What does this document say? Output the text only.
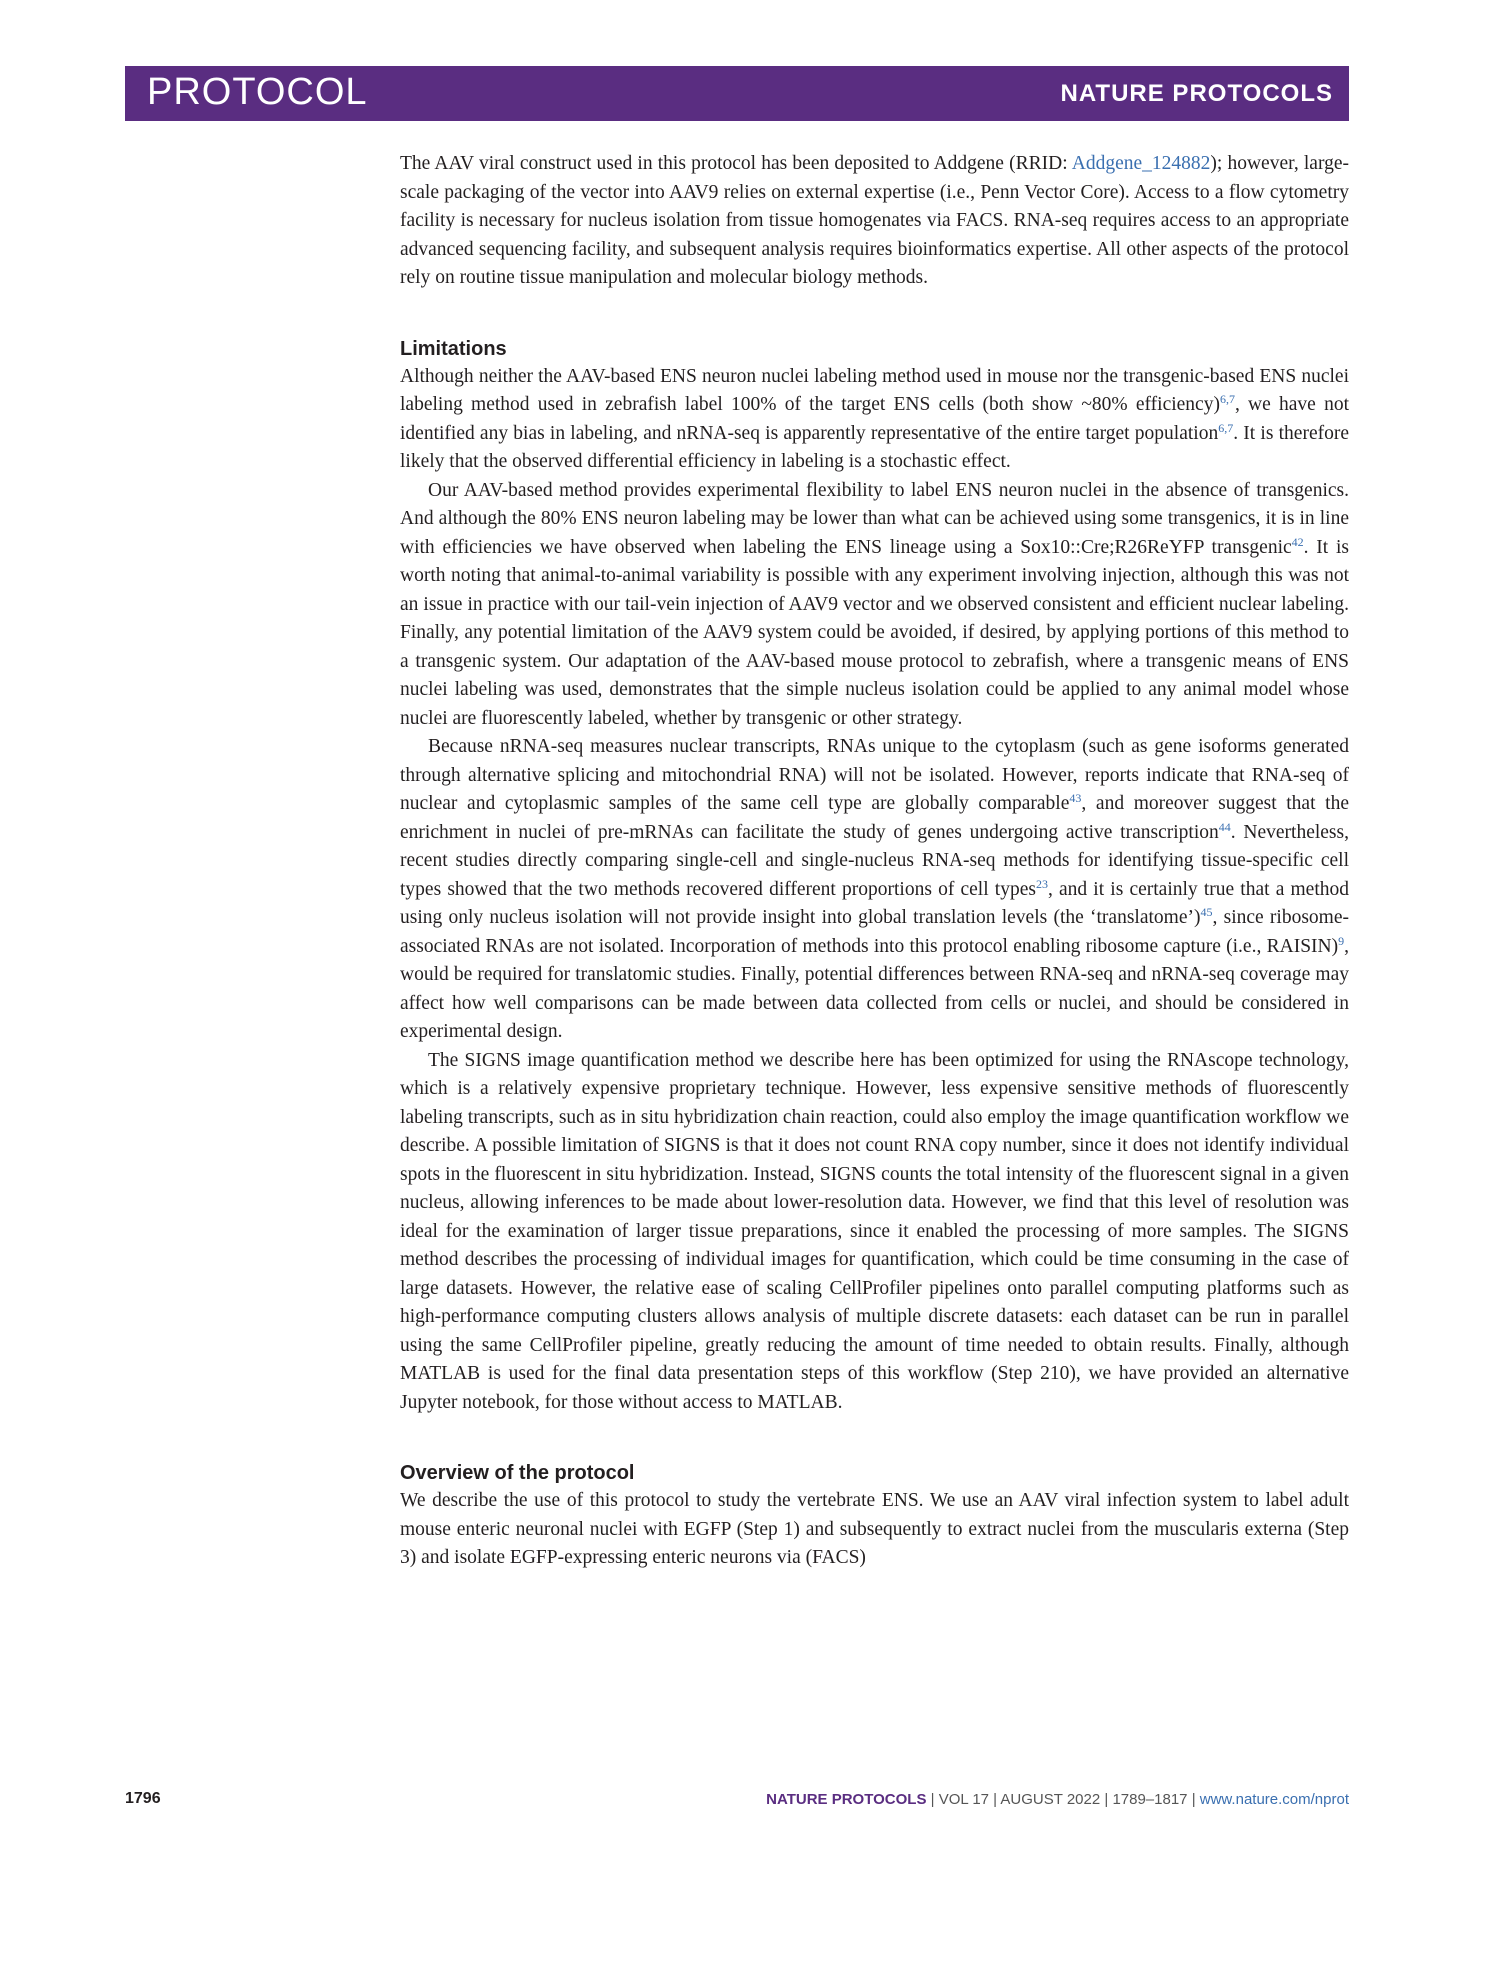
PROTOCOL	NATURE PROTOCOLS

The AAV viral construct used in this protocol has been deposited to Addgene (RRID: Addgene_124882); however, large-scale packaging of the vector into AAV9 relies on external expertise (i.e., Penn Vector Core). Access to a flow cytometry facility is necessary for nucleus isolation from tissue homogenates via FACS. RNA-seq requires access to an appropriate advanced sequencing facility, and subsequent analysis requires bioinformatics expertise. All other aspects of the protocol rely on routine tissue manipulation and molecular biology methods.

Limitations

Although neither the AAV-based ENS neuron nuclei labeling method used in mouse nor the transgenic-based ENS nuclei labeling method used in zebrafish label 100% of the target ENS cells (both show ~80% efficiency)$^{6,7}$, we have not identified any bias in labeling, and nRNA-seq is apparently representative of the entire target population$^{6,7}$. It is therefore likely that the observed differential efficiency in labeling is a stochastic effect.

Our AAV-based method provides experimental flexibility to label ENS neuron nuclei in the absence of transgenics. And although the 80% ENS neuron labeling may be lower than what can be achieved using some transgenics, it is in line with efficiencies we have observed when labeling the ENS lineage using a Sox10::Cre;R26ReYFP transgenic$^{42}$. It is worth noting that animal-to-animal variability is possible with any experiment involving injection, although this was not an issue in practice with our tail-vein injection of AAV9 vector and we observed consistent and efficient nuclear labeling. Finally, any potential limitation of the AAV9 system could be avoided, if desired, by applying portions of this method to a transgenic system. Our adaptation of the AAV-based mouse protocol to zebrafish, where a transgenic means of ENS nuclei labeling was used, demonstrates that the simple nucleus isolation could be applied to any animal model whose nuclei are fluorescently labeled, whether by transgenic or other strategy.

Because nRNA-seq measures nuclear transcripts, RNAs unique to the cytoplasm (such as gene isoforms generated through alternative splicing and mitochondrial RNA) will not be isolated. However, reports indicate that RNA-seq of nuclear and cytoplasmic samples of the same cell type are globally comparable$^{43}$, and moreover suggest that the enrichment in nuclei of pre-mRNAs can facilitate the study of genes undergoing active transcription$^{44}$. Nevertheless, recent studies directly comparing single-cell and single-nucleus RNA-seq methods for identifying tissue-specific cell types showed that the two methods recovered different proportions of cell types$^{23}$, and it is certainly true that a method using only nucleus isolation will not provide insight into global translation levels (the ‘translatome’)$^{45}$, since ribosome-associated RNAs are not isolated. Incorporation of methods into this protocol enabling ribosome capture (i.e., RAISIN)$^9$, would be required for translatomic studies. Finally, potential differences between RNA-seq and nRNA-seq coverage may affect how well comparisons can be made between data collected from cells or nuclei, and should be considered in experimental design.

The SIGNS image quantification method we describe here has been optimized for using the RNAscope technology, which is a relatively expensive proprietary technique. However, less expensive sensitive methods of fluorescently labeling transcripts, such as in situ hybridization chain reaction, could also employ the image quantification workflow we describe. A possible limitation of SIGNS is that it does not count RNA copy number, since it does not identify individual spots in the fluorescent in situ hybridization. Instead, SIGNS counts the total intensity of the fluorescent signal in a given nucleus, allowing inferences to be made about lower-resolution data. However, we find that this level of resolution was ideal for the examination of larger tissue preparations, since it enabled the processing of more samples. The SIGNS method describes the processing of individual images for quantification, which could be time consuming in the case of large datasets. However, the relative ease of scaling CellProfiler pipelines onto parallel computing platforms such as high-performance computing clusters allows analysis of multiple discrete datasets: each dataset can be run in parallel using the same CellProfiler pipeline, greatly reducing the amount of time needed to obtain results. Finally, although MATLAB is used for the final data presentation steps of this workflow (Step 210), we have provided an alternative Jupyter notebook, for those without access to MATLAB.

Overview of the protocol

We describe the use of this protocol to study the vertebrate ENS. We use an AAV viral infection system to label adult mouse enteric neuronal nuclei with EGFP (Step 1) and subsequently to extract nuclei from the muscularis externa (Step 3) and isolate EGFP-expressing enteric neurons via (FACS)

1796	NATURE PROTOCOLS | VOL 17 | AUGUST 2022 | 1789–1817 | www.nature.com/nprot
